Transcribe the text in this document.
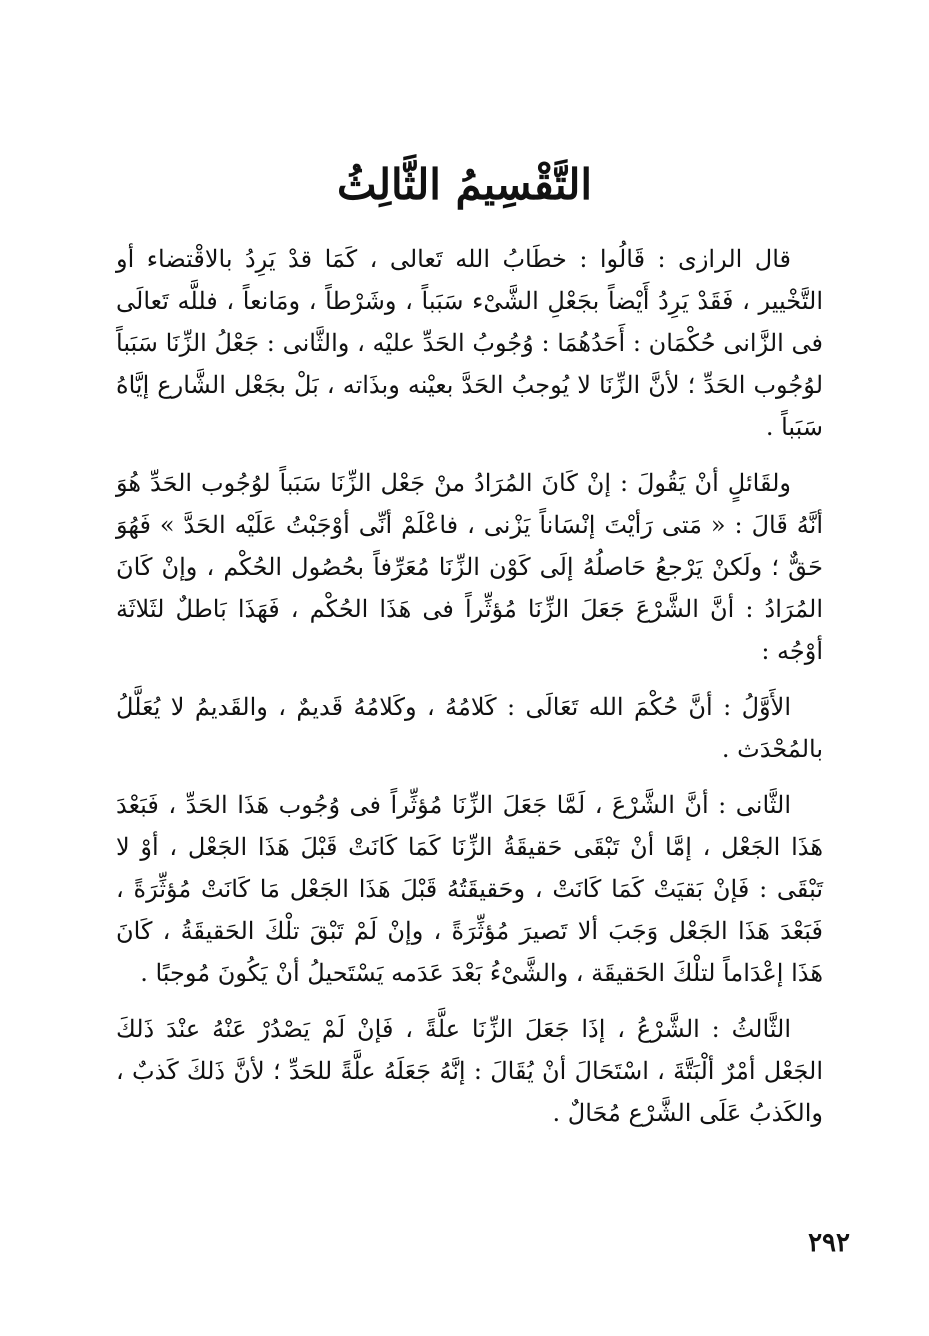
التَّقْسِيمُ الثَّالِثُ

قال الرازى : قَالُوا : خطَابُ الله تَعالى ، كَمَا قدْ يَرِدُ بالاقْتضاء أو التَّخْيير ، فَقَدْ يَرِدُ أَيْضاً بجَعْلِ الشَّىْء سَبَباً ، وشَرْطاً ، ومَانعاً ، فللَّه تَعالَى فى الزَّانى حُكْمَان : أَحَدُهُمَا : وُجُوبُ الحَدِّ عليْه ، والثَّانى : جَعْلُ الزِّنَا سَبَباً لوُجُوب الحَدِّ ؛ لأنَّ الزِّنَا لا يُوجبُ الحَدَّ بعيْنه وبذَاته ، بَلْ بجَعْل الشَّارع إيَّاهُ سَبَباً .

ولقَائلٍ أنْ يَقُولَ : إنْ كَانَ المُرَادُ منْ جَعْل الزِّنَا سَبَباً لوُجُوب الحَدِّ هُوَ أنَّهُ قَالَ : « مَتى رَأيْتَ إنْسَاناً يَزْنى ، فاعْلَمْ أنِّى أوْجَبْتُ عَلَيْه الحَدَّ » فَهُوَ حَقٌّ ؛ ولَكنْ يَرْجعُ حَاصلُهُ إلَى كَوْن الزِّنَا مُعَرِّفاً بحُصُول الحُكْم ، وإنْ كَانَ المُرَادُ : أنَّ الشَّرْعَ جَعَلَ الزِّنَا مُؤثِّراً فى هَذَا الحُكْم ، فَهَذَا بَاطلٌ لثَلاثَة أوْجُه :

الأَوَّلُ : أنَّ حُكْمَ الله تَعَالَى : كَلامُهُ ، وكَلامُهُ قَديمٌ ، والقَديمُ لا يُعَلَّلُ بالمُحْدَث .

الثَّانى : أنَّ الشَّرْعَ ، لَمَّا جَعَلَ الزِّنَا مُؤثِّراً فى وُجُوب هَذَا الحَدِّ ، فَبَعْدَ هَذَا الجَعْل ، إمَّا أنْ تَبْقَى حَقيقَةُ الزِّنَا كَمَا كَانَتْ قَبْلَ هَذَا الجَعْل ، أوْ لا تَبْقَى : فَإنْ بَقيَتْ كَمَا كَانَتْ ، وحَقيقَتُهُ قَبْلَ هَذَا الجَعْل مَا كَانَتْ مُؤثِّرَةً ، فَبَعْدَ هَذَا الجَعْل وَجَبَ ألا تَصيرَ مُؤثِّرَةً ، وإنْ لَمْ تَبْقَ تلْكَ الحَقيقَةُ ، كَانَ هَذَا إعْدَاماً لتلْكَ الحَقيقَة ، والشَّىْءُ بَعْدَ عَدَمه يَسْتَحيلُ أنْ يَكُونَ مُوجبًا .

الثَّالثُ : الشَّرْعُ ، إذَا جَعَلَ الزِّنَا علَّةً ، فَإنْ لَمْ يَصْدُرْ عَنْهُ عنْدَ ذَلكَ الجَعْل أمْرٌ ألْبَتَّةَ ، اسْتَحَالَ أنْ يُقَالَ : إنَّهُ جَعَلَهُ علَّةً للحَدِّ ؛ لأنَّ ذَلكَ كَذبٌ ، والكَذبُ عَلَى الشَّرْع مُحَالٌ .

٢٩٢
